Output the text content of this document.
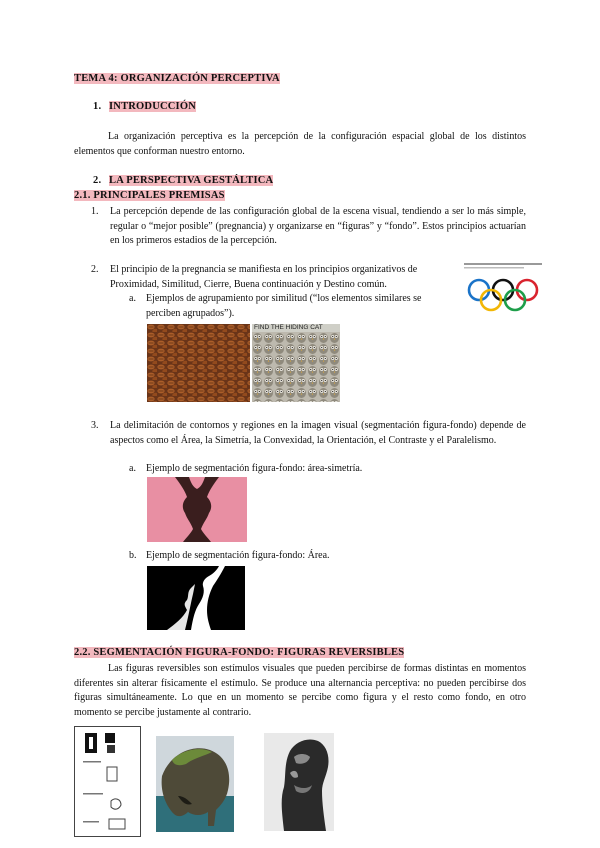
TEMA 4: ORGANIZACIÓN PERCEPTIVA
1. INTRODUCCIÓN
La organización perceptiva es la percepción de la configuración espacial global de los distintos elementos que conforman nuestro entorno.
2. LA PERSPECTIVA GESTÁLTICA
2.1. PRINCIPALES PREMISAS
1. La percepción depende de las configuración global de la escena visual, tendiendo a ser lo más simple, regular o “mejor posible” (pregnancia) y organizarse en “figuras” y “fondo”. Estos principios actuarían en los primeros estadios de la percepción.
2. El principio de la pregnancia se manifiesta en los principios organizativos de Proximidad, Similitud, Cierre, Buena continuación y Destino común.
a. Ejemplos de agrupamiento por similitud (“los elementos similares se perciben agrupados”).
FIND THE HIDING CAT
3. La delimitación de contornos y regiones en la imagen visual (segmentación figura-fondo) depende de aspectos como el Área, la Simetría, la Convexidad, la Orientación, el Contraste y el Paralelismo.
a. Ejemplo de segmentación figura-fondo: área-simetría.
b. Ejemplo de segmentación figura-fondo: Área.
2.2. SEGMENTACIÓN FIGURA-FONDO: FIGURAS REVERSIBLES
Las figuras reversibles son estímulos visuales que pueden percibirse de formas distintas en momentos diferentes sin alterar físicamente el estímulo. Se produce una alternancia perceptiva: no pueden percibirse dos figuras simultáneamente. Lo que en un momento se percibe como figura y el resto como fondo, en otro momento se percibe justamente al contrario.
